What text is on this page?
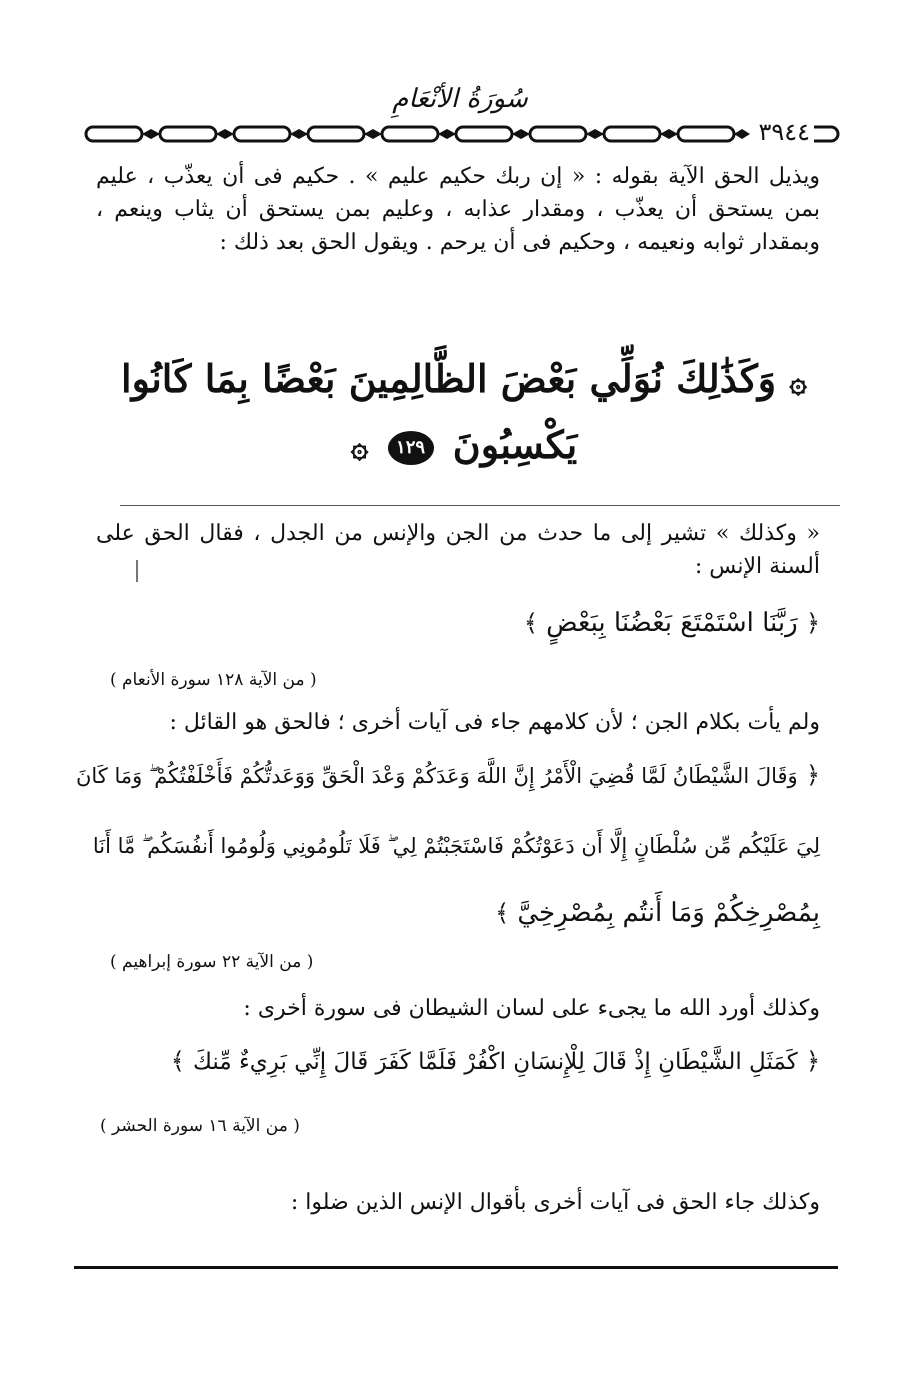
سُورَةُ الأنْعَامِ
٣٩٤٤
ويذيل الحق الآية بقوله : « إن ربك حكيم عليم » . حكيم فى أن يعذّب ، عليم بمن يستحق أن يعذّب ، ومقدار عذابه ، وعليم بمن يستحق أن يثاب وينعم ، وبمقدار ثوابه ونعيمه ، وحكيم فى أن يرحم . ويقول الحق بعد ذلك :
۞ وَكَذَٰلِكَ نُوَلِّي بَعْضَ الظَّالِمِينَ بَعْضًا بِمَا كَانُوا
يَكْسِبُونَ ١٢٩ ۞
« وكذلك » تشير إلى ما حدث من الجن والإنس من الجدل ، فقال الحق على ألسنة الإنس :
﴿ رَبَّنَا اسْتَمْتَعَ بَعْضُنَا بِبَعْضٍ ﴾
( من الآية ١٢٨ سورة الأنعام )
ولم يأت بكلام الجن ؛ لأن كلامهم جاء فى آيات أخرى ؛ فالحق هو القائل :
﴿ وَقَالَ الشَّيْطَانُ لَمَّا قُضِيَ الْأَمْرُ إِنَّ اللَّهَ وَعَدَكُمْ وَعْدَ الْحَقِّ وَوَعَدتُّكُمْ فَأَخْلَفْتُكُمْ ۖ وَمَا كَانَ
لِيَ عَلَيْكُم مِّن سُلْطَانٍ إِلَّا أَن دَعَوْتُكُمْ فَاسْتَجَبْتُمْ لِي ۖ فَلَا تَلُومُونِي وَلُومُوا أَنفُسَكُم ۖ مَّا أَنَا
بِمُصْرِخِكُمْ وَمَا أَنتُم بِمُصْرِخِيَّ ﴾
( من الآية ٢٢ سورة إبراهيم )
وكذلك أورد الله ما يجىء على لسان الشيطان فى سورة أخرى :
﴿ كَمَثَلِ الشَّيْطَانِ إِذْ قَالَ لِلْإِنسَانِ اكْفُرْ فَلَمَّا كَفَرَ قَالَ إِنِّي بَرِيءٌ مِّنكَ ﴾
( من الآية ١٦ سورة الحشر )
وكذلك جاء الحق فى آيات أخرى بأقوال الإنس الذين ضلوا :
